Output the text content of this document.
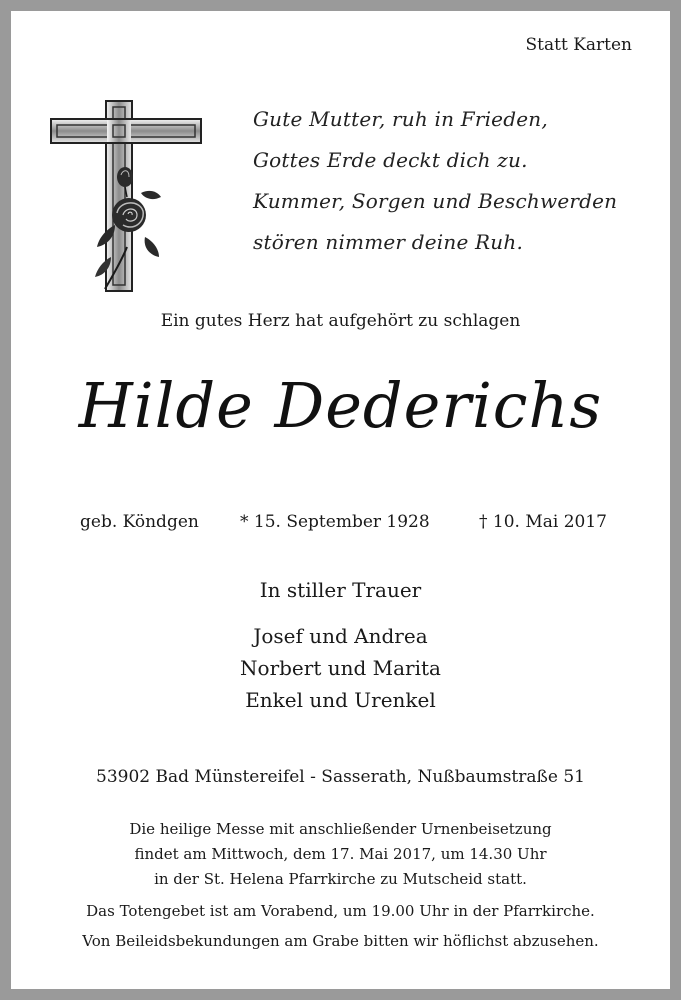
Statt Karten
Gute Mutter, ruh in Frieden,
Gottes Erde deckt dich zu.
Kummer, Sorgen und Beschwerden
stören nimmer deine Ruh.
Ein gutes Herz hat aufgehört zu schlagen
Hilde Dederichs
geb. Köndgen * 15. September 1928	† 10. Mai 2017
In stiller Trauer
Josef und Andrea
Norbert und Marita
Enkel und Urenkel
53902 Bad Münstereifel - Sasserath, Nußbaumstraße 51
Die heilige Messe mit anschließender Urnenbeisetzung
findet am Mittwoch, dem 17. Mai 2017, um 14.30 Uhr
in der St. Helena Pfarrkirche zu Mutscheid statt.
Das Totengebet ist am Vorabend, um 19.00 Uhr in der Pfarrkirche.
Von Beileidsbekundungen am Grabe bitten wir höflichst abzusehen.
